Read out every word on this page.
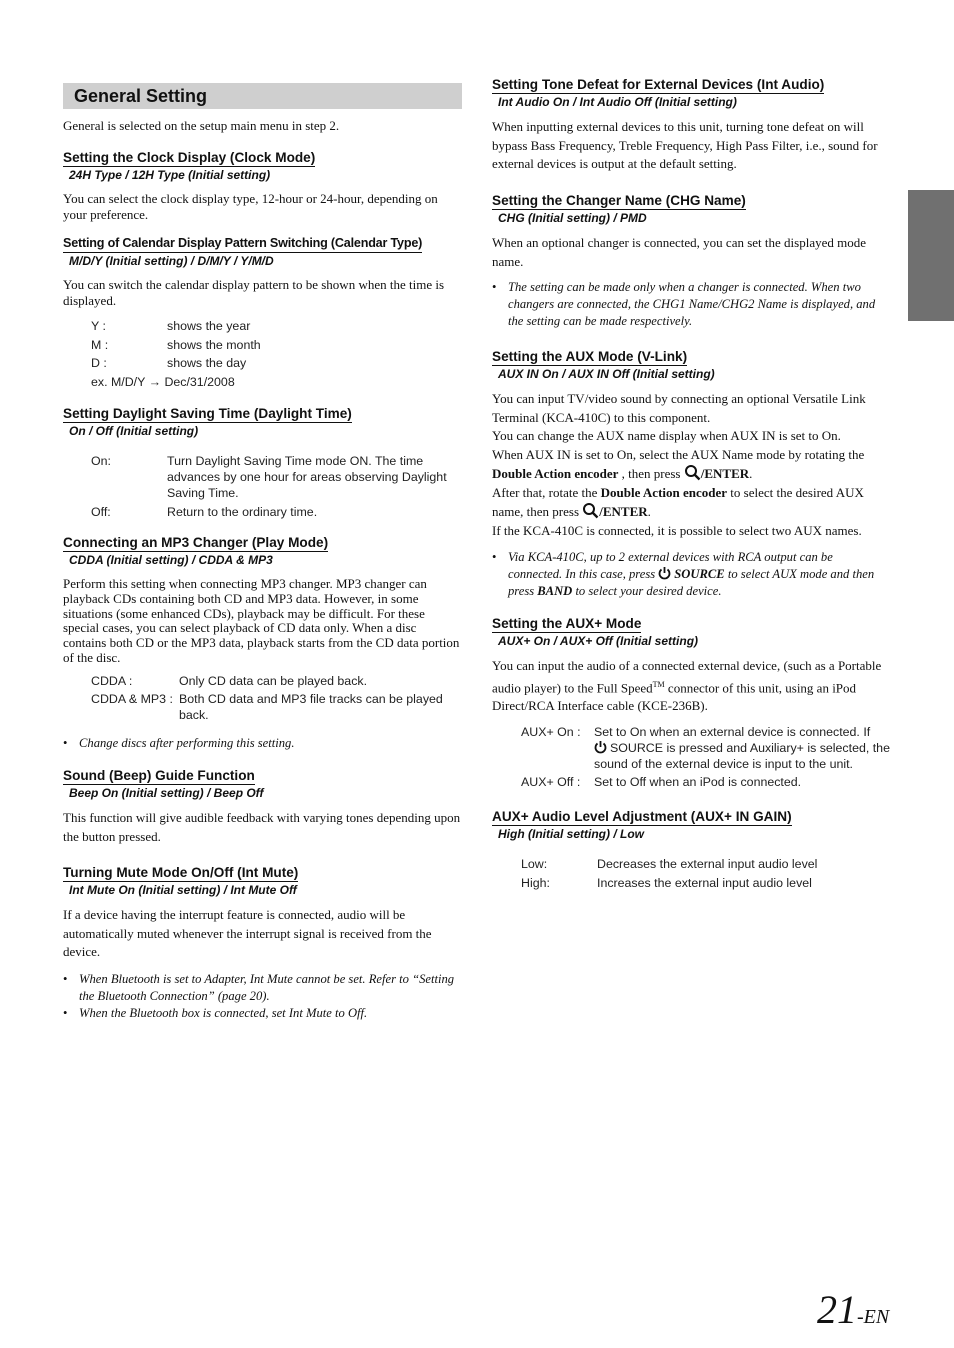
General Setting
General is selected on the setup main menu in step 2.
Setting the Clock Display (Clock Mode)
24H Type / 12H Type (Initial setting)
You can select the clock display type, 12-hour or 24-hour, depending on your preference.
Setting of Calendar Display Pattern Switching (Calendar Type)
M/D/Y (Initial setting) / D/M/Y / Y/M/D
You can switch the calendar display pattern to be shown when the time is displayed.
Y :	shows the year
M :	shows the month
D :	shows the day
ex. M/D/Y → Dec/31/2008
Setting Daylight Saving Time (Daylight Time)
On / Off (Initial setting)
On:	Turn Daylight Saving Time mode ON. The time advances by one hour for areas observing Daylight Saving Time.
Off:	Return to the ordinary time.
Connecting an MP3 Changer (Play Mode)
CDDA (Initial setting) / CDDA & MP3
Perform this setting when connecting MP3 changer. MP3 changer can playback CDs containing both CD and MP3 data. However, in some situations (some enhanced CDs), playback may be difficult. For these special cases, you can select playback of CD data only. When a disc contains both CD or the MP3 data, playback starts from the CD data portion of the disc.
CDDA :	Only CD data can be played back.
CDDA & MP3 : Both CD data and MP3 file tracks can be played back.
• Change discs after performing this setting.
Sound (Beep) Guide Function
Beep On (Initial setting) / Beep Off
This function will give audible feedback with varying tones depending upon the button pressed.
Turning Mute Mode On/Off (Int Mute)
Int Mute On (Initial setting) / Int Mute Off
If a device having the interrupt feature is connected, audio will be automatically muted whenever the interrupt signal is received from the device.
• When Bluetooth is set to Adapter, Int Mute cannot be set. Refer to “Setting the Bluetooth Connection” (page 20).
• When the Bluetooth box is connected, set Int Mute to Off.
Setting Tone Defeat for External Devices (Int Audio)
Int Audio On / Int Audio Off (Initial setting)
When inputting external devices to this unit, turning tone defeat on will bypass Bass Frequency, Treble Frequency, High Pass Filter, i.e., sound for external devices is output at the default setting.
Setting the Changer Name (CHG Name)
CHG (Initial setting) / PMD
When an optional changer is connected, you can set the displayed mode name.
• The setting can be made only when a changer is connected. When two changers are connected, the CHG1 Name/CHG2 Name is displayed, and the setting can be made respectively.
Setting the AUX Mode (V-Link)
AUX IN On / AUX IN Off (Initial setting)
You can input TV/video sound by connecting an optional Versatile Link Terminal (KCA-410C) to this component.
You can change the AUX name display when AUX IN is set to On.
When AUX IN is set to On, select the AUX Name mode by rotating the Double Action encoder , then press /ENTER.
After that, rotate the Double Action encoder to select the desired AUX name, then press /ENTER.
If the KCA-410C is connected, it is possible to select two AUX names.
• Via KCA-410C, up to 2 external devices with RCA output can be connected. In this case, press SOURCE to select AUX mode and then press BAND to select your desired device.
Setting the AUX+ Mode
AUX+ On / AUX+ Off (Initial setting)
You can input the audio of a connected external device, (such as a Portable audio player) to the Full Speed™ connector of this unit, using an iPod Direct/RCA Interface cable (KCE-236B).
AUX+ On :	Set to On when an external device is connected. If
SOURCE is pressed and Auxiliary+ is selected, the sound of the external device is input to the unit.
AUX+ Off :	Set to Off when an iPod is connected.
AUX+ Audio Level Adjustment (AUX+ IN GAIN)
High (Initial setting) / Low
Low:	Decreases the external input audio level
High:	Increases the external input audio level
21-EN
